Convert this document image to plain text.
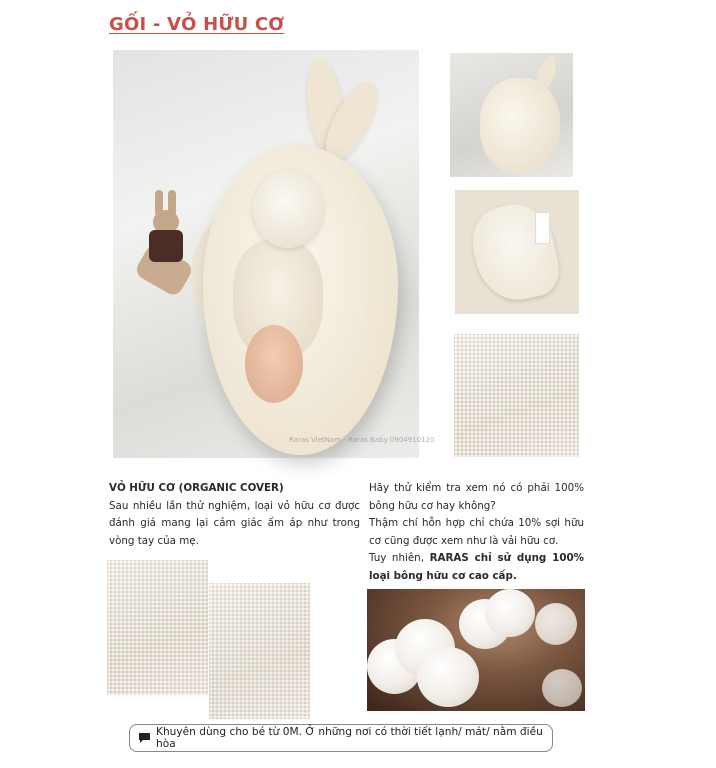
GỐI - VỎ HỮU CƠ
Raras VietNam - Raras Baby 0904910120
VỎ HỮU CƠ (ORGANIC COVER)
Sau nhiều lần thử nghiệm, loại vỏ hữu cơ được đánh giá mang lại cảm giác ấm áp như trong vòng tay của mẹ.

Hãy thử kiểm tra xem nó có phải 100% bông hữu cơ hay không?

Thậm chí hỗn hợp chỉ chứa 10% sợi hữu cơ cũng được xem như là vải hữu cơ.

Tuy nhiên, RARAS chỉ sử dụng 100% loại bông hữu cơ cao cấp.

Khuyên dùng cho bé từ 0M. Ở những nơi có thời tiết lạnh/ mát/ nằm điều hòa
